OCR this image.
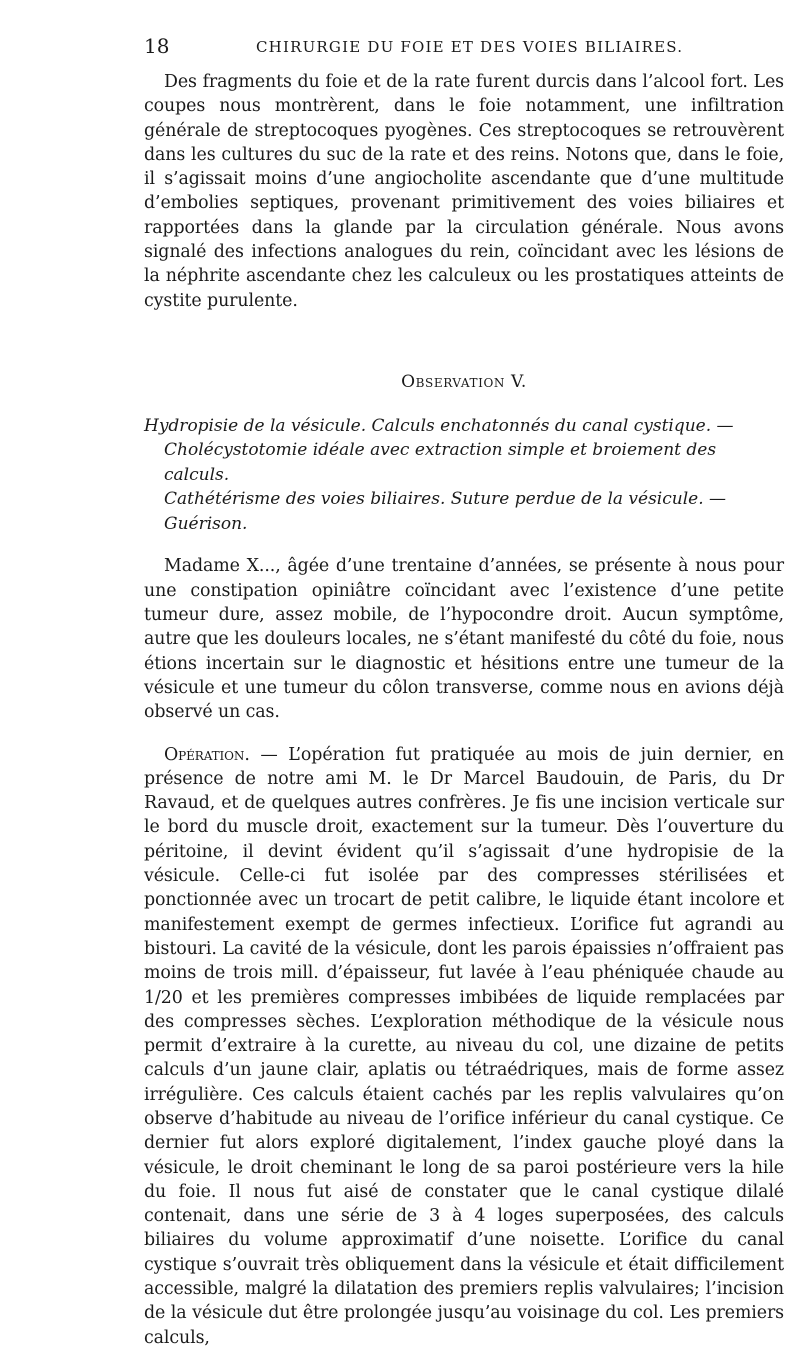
18	CHIRURGIE DU FOIE ET DES VOIES BILIAIRES.

Des fragments du foie et de la rate furent durcis dans l’alcool fort. Les coupes nous montrèrent, dans le foie notamment, une infiltration générale de streptocoques pyogènes. Ces streptocoques se retrouvèrent dans les cultures du suc de la rate et des reins. Notons que, dans le foie, il s’agissait moins d’une angiocholite ascendante que d’une multitude d’embolies septiques, provenant primitivement des voies biliaires et rapportées dans la glande par la circulation générale. Nous avons signalé des infections analogues du rein, coïncidant avec les lésions de la néphrite ascendante chez les calculeux ou les prostatiques atteints de cystite purulente.

Observation V.
Hydropisie de la vésicule. Calculs enchatonnés du canal cystique. —
Cholécystotomie idéale avec extraction simple et broiement des calculs.
Cathétérisme des voies biliaires. Suture perdue de la vésicule. — Guérison.

Madame X..., âgée d’une trentaine d’années, se présente à nous pour une constipation opiniâtre coïncidant avec l’existence d’une petite tumeur dure, assez mobile, de l’hypocondre droit. Aucun symptôme, autre que les douleurs locales, ne s’étant manifesté du côté du foie, nous étions incertain sur le diagnostic et hésitions entre une tumeur de la vésicule et une tumeur du côlon transverse, comme nous en avions déjà observé un cas.

Opération. — L’opération fut pratiquée au mois de juin dernier, en présence de notre ami M. le Dr Marcel Baudouin, de Paris, du Dr Ravaud, et de quelques autres confrères. Je fis une incision verticale sur le bord du muscle droit, exactement sur la tumeur. Dès l’ouverture du péritoine, il devint évident qu’il s’agissait d’une hydropisie de la vésicule. Celle-ci fut isolée par des compresses stérilisées et ponctionnée avec un trocart de petit calibre, le liquide étant incolore et manifestement exempt de germes infectieux. L’orifice fut agrandi au bistouri. La cavité de la vésicule, dont les parois épaissies n’offraient pas moins de trois mill. d’épaisseur, fut lavée à l’eau phéniquée chaude au 1/20 et les premières compresses imbibées de liquide remplacées par des compresses sèches. L’exploration méthodique de la vésicule nous permit d’extraire à la curette, au niveau du col, une dizaine de petits calculs d’un jaune clair, aplatis ou tétraédriques, mais de forme assez irrégulière. Ces calculs étaient cachés par les replis valvulaires qu’on observe d’habitude au niveau de l’orifice inférieur du canal cystique. Ce dernier fut alors exploré digitalement, l’index gauche ployé dans la vésicule, le droit cheminant le long de sa paroi postérieure vers la hile du foie. Il nous fut aisé de constater que le canal cystique dilalé contenait, dans une série de 3 à 4 loges superposées, des calculs biliaires du volume approximatif d’une noisette. L’orifice du canal cystique s’ouvrait très obliquement dans la vésicule et était difficilement accessible, malgré la dilatation des premiers replis valvulaires; l’incision de la vésicule dut être prolongée jusqu’au voisinage du col. Les premiers calculs,
